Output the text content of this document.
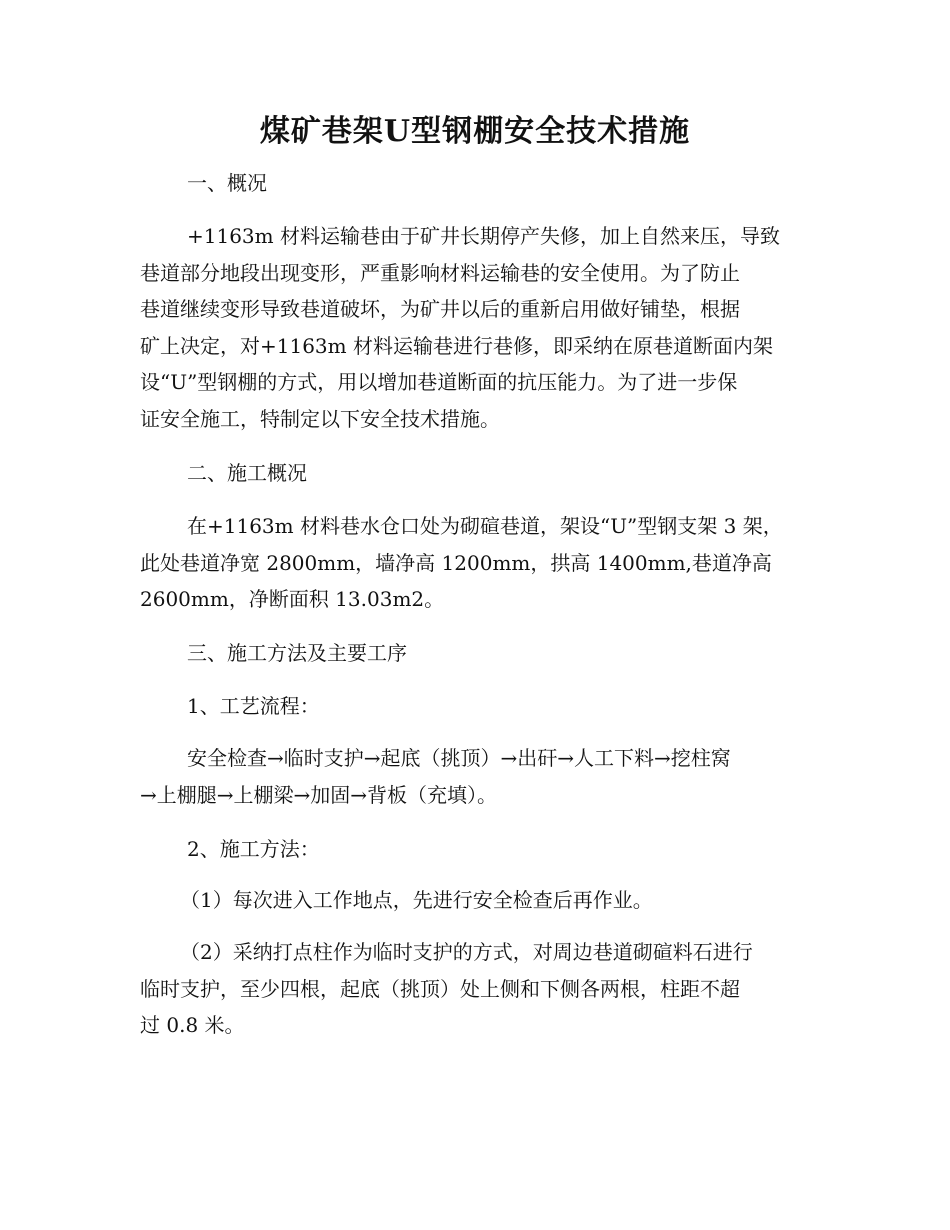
煤矿巷架U型钢棚安全技术措施
一、概况
+1163m 材料运输巷由于矿井长期停产失修，加上自然来压，导致
巷道部分地段出现变形，严重影响材料运输巷的安全使用。为了防止
巷道继续变形导致巷道破坏，为矿井以后的重新启用做好铺垫，根据
矿上决定，对+1163m 材料运输巷进行巷修，即采纳在原巷道断面内架
设“U”型钢棚的方式，用以增加巷道断面的抗压能力。为了进一步保
证安全施工，特制定以下安全技术措施。
二、施工概况
在+1163m 材料巷水仓口处为砌碹巷道，架设“U”型钢支架 3 架，
此处巷道净宽 2800mm，墙净高 1200mm，拱高 1400mm,巷道净高
2600mm，净断面积 13.03m2。
三、施工方法及主要工序
1、工艺流程：
安全检查→临时支护→起底（挑顶）→出矸→人工下料→挖柱窝
→上棚腿→上棚梁→加固→背板（充填）。
2、施工方法：
（1）每次进入工作地点，先进行安全检查后再作业。
（2）采纳打点柱作为临时支护的方式，对周边巷道砌碹料石进行
临时支护，至少四根，起底（挑顶）处上侧和下侧各两根，柱距不超
过 0.8 米。
